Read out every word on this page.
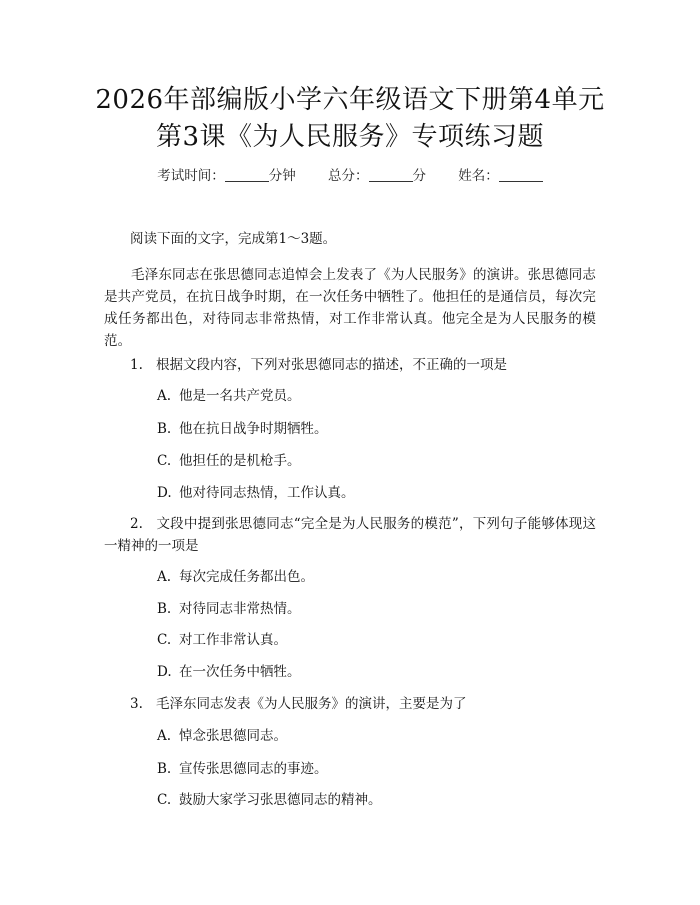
2026年部编版小学六年级语文下册第4单元
第3课《为人民服务》专项练习题
考试时间：	分钟 总分：	分 姓名：
阅读下面的文字，完成第1～3题。
毛泽东同志在张思德同志追悼会上发表了《为人民服务》的演讲。张思德同志是共产党员，在抗日战争时期，在一次任务中牺牲了。他担任的是通信员，每次完成任务都出色，对待同志非常热情，对工作非常认真。他完全是为人民服务的模范。
1. 根据文段内容，下列对张思德同志的描述，不正确的一项是
A. 他是一名共产党员。
B. 他在抗日战争时期牺牲。
C. 他担任的是机枪手。
D. 他对待同志热情，工作认真。
2. 文段中提到张思德同志“完全是为人民服务的模范”，下列句子能够体现这一精神的一项是
A. 每次完成任务都出色。
B. 对待同志非常热情。
C. 对工作非常认真。
D. 在一次任务中牺牲。
3. 毛泽东同志发表《为人民服务》的演讲，主要是为了
A. 悼念张思德同志。
B. 宣传张思德同志的事迹。
C. 鼓励大家学习张思德同志的精神。
